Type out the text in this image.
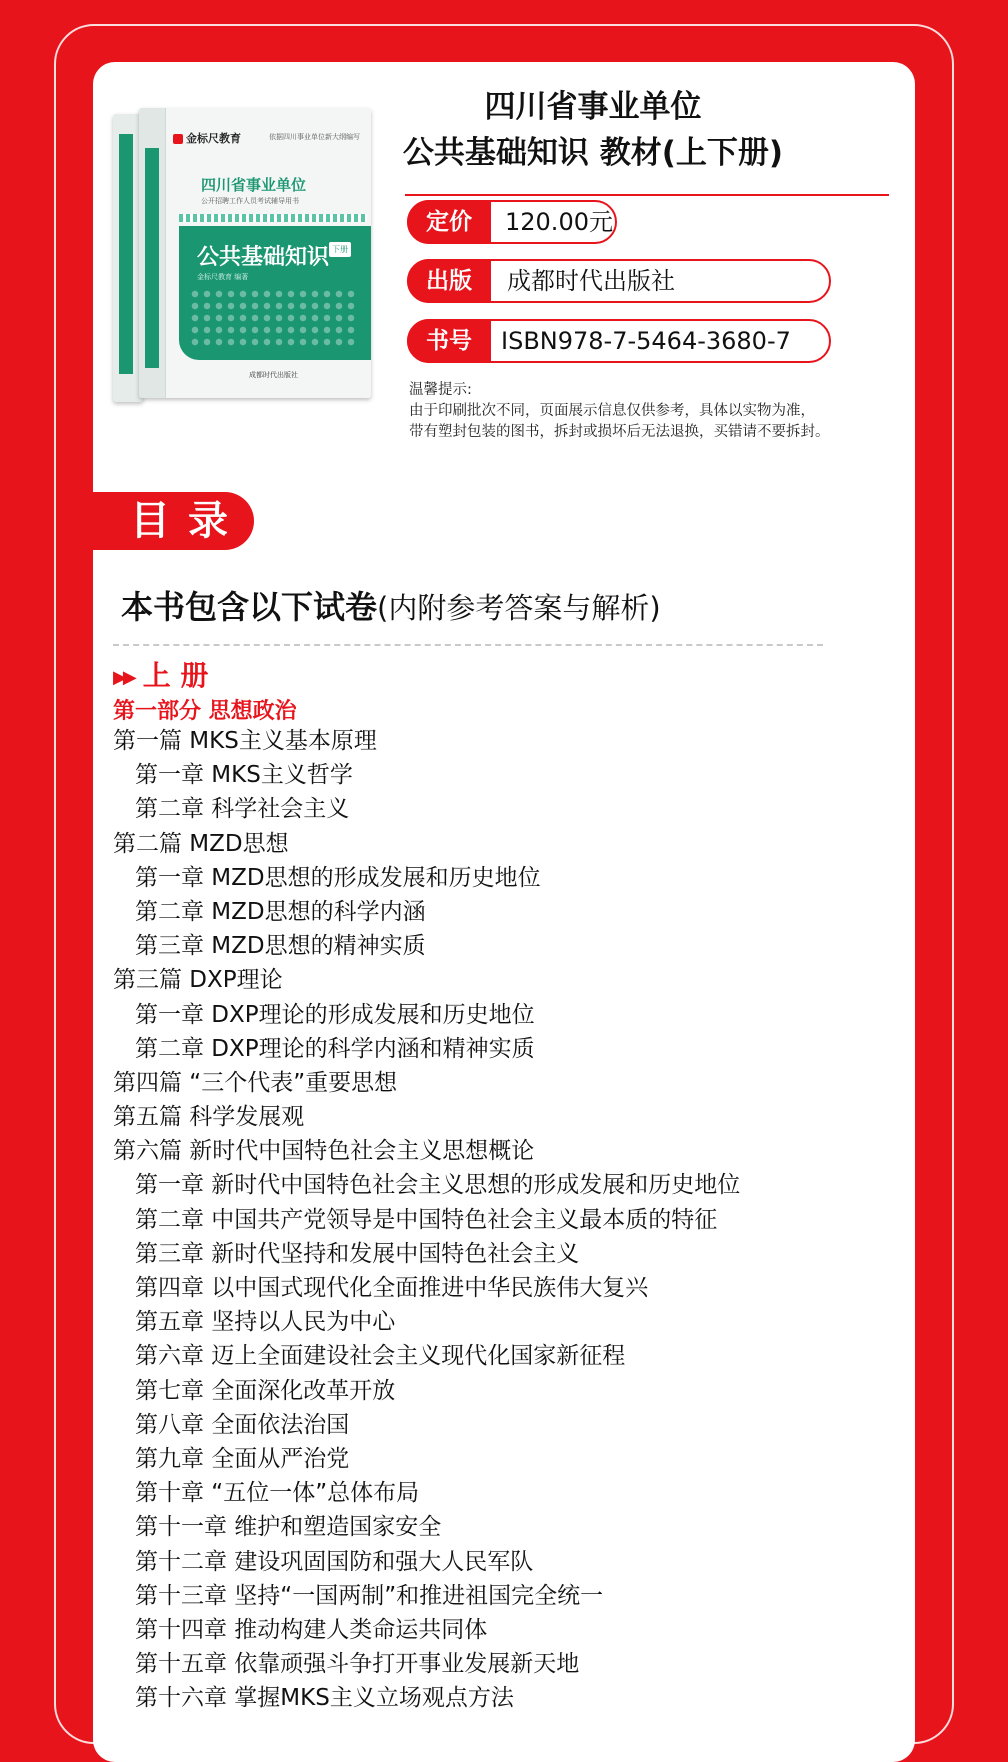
金标尺教育	依据四川事业单位新大纲编写
四川省事业单位
公开招聘工作人员考试辅导用书
公共基础知识 下册
金标尺教育 编著
成都时代出版社
四川省事业单位
公共基础知识 教材(上下册)
定价	120.00元
出版	成都时代出版社
书号	ISBN978-7-5464-3680-7
温馨提示:
由于印刷批次不同，页面展示信息仅供参考，具体以实物为准，
带有塑封包装的图书，拆封或损坏后无法退换，买错请不要拆封。
目录
本书包含以下试卷(内附参考答案与解析)
▶▶ 上 册
第一部分 思想政治
第一篇 MKS主义基本原理
第一章 MKS主义哲学
第二章 科学社会主义
第二篇 MZD思想
第一章 MZD思想的形成发展和历史地位
第二章 MZD思想的科学内涵
第三章 MZD思想的精神实质
第三篇 DXP理论
第一章 DXP理论的形成发展和历史地位
第二章 DXP理论的科学内涵和精神实质
第四篇 “三个代表”重要思想
第五篇 科学发展观
第六篇 新时代中国特色社会主义思想概论
第一章 新时代中国特色社会主义思想的形成发展和历史地位
第二章 中国共产党领导是中国特色社会主义最本质的特征
第三章 新时代坚持和发展中国特色社会主义
第四章 以中国式现代化全面推进中华民族伟大复兴
第五章 坚持以人民为中心
第六章 迈上全面建设社会主义现代化国家新征程
第七章 全面深化改革开放
第八章 全面依法治国
第九章 全面从严治党
第十章 “五位一体”总体布局
第十一章 维护和塑造国家安全
第十二章 建设巩固国防和强大人民军队
第十三章 坚持“一国两制”和推进祖国完全统一
第十四章 推动构建人类命运共同体
第十五章 依靠顽强斗争打开事业发展新天地
第十六章 掌握MKS主义立场观点方法
